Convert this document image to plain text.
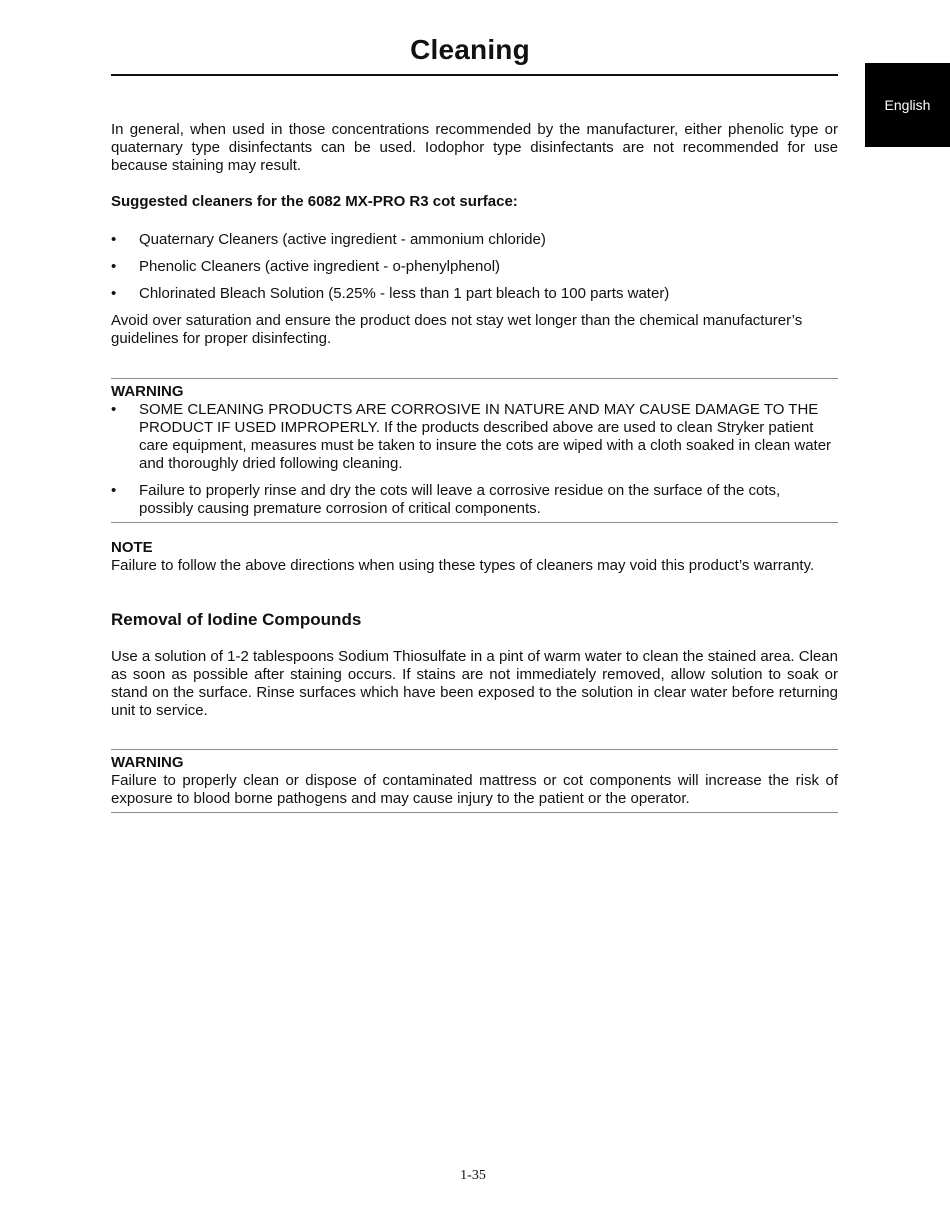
Cleaning
English

In general, when used in those concentrations recommended by the manufacturer, either phenolic type or quaternary type disinfectants can be used. Iodophor type disinfectants are not recommended for use because staining may result.

Suggested cleaners for the 6082 MX-PRO R3 cot surface:

• Quaternary Cleaners (active ingredient - ammonium chloride)
• Phenolic Cleaners (active ingredient - o-phenylphenol)
• Chlorinated Bleach Solution (5.25% - less than 1 part bleach to 100 parts water)

Avoid over saturation and ensure the product does not stay wet longer than the chemical manufacturer’s guidelines for proper disinfecting.

WARNING
• SOME CLEANING PRODUCTS ARE CORROSIVE IN NATURE AND MAY CAUSE DAMAGE TO THE PRODUCT IF USED IMPROPERLY. If the products described above are used to clean Stryker patient care equipment, measures must be taken to insure the cots are wiped with a cloth soaked in clean water and thoroughly dried following cleaning.
• Failure to properly rinse and dry the cots will leave a corrosive residue on the surface of the cots, possibly causing premature corrosion of critical components.
NOTE

Failure to follow the above directions when using these types of cleaners may void this product’s warranty.

Removal of Iodine Compounds

Use a solution of 1-2 tablespoons Sodium Thiosulfate in a pint of warm water to clean the stained area. Clean as soon as possible after staining occurs. If stains are not immediately removed, allow solution to soak or stand on the surface. Rinse surfaces which have been exposed to the solution in clear water before returning unit to service.

WARNING

Failure to properly clean or dispose of contaminated mattress or cot components will increase the risk of exposure to blood borne pathogens and may cause injury to the patient or the operator.

1-35
